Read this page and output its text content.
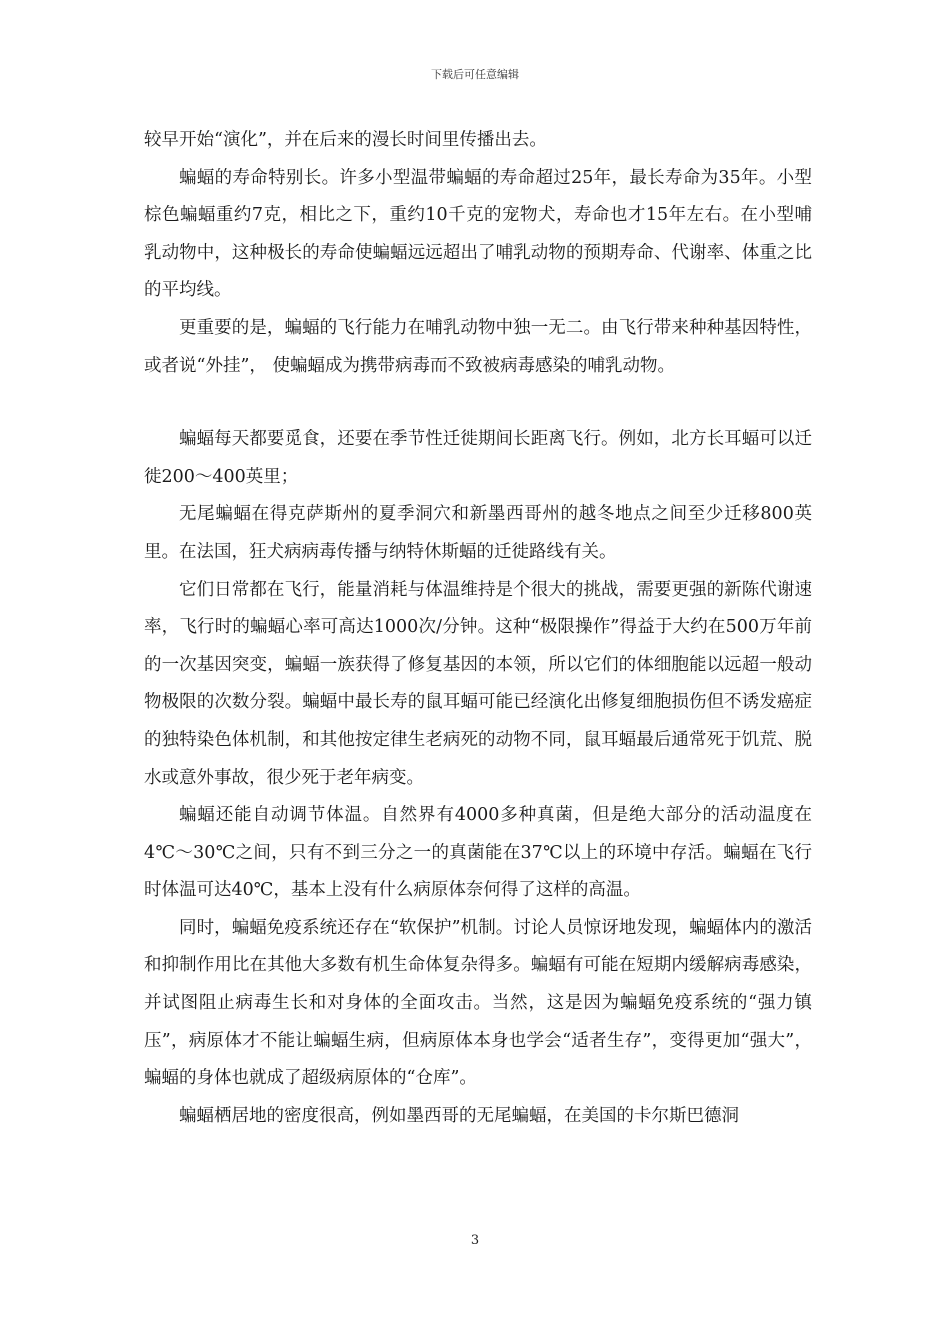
下载后可任意编辑

较早开始“演化”，并在后来的漫长时间里传播出去。

蝙蝠的寿命特别长。许多小型温带蝙蝠的寿命超过25年，最长寿命为35年。小型棕色蝙蝠重约7克，相比之下，重约10千克的宠物犬，寿命也才15年左右。在小型哺乳动物中，这种极长的寿命使蝙蝠远远超出了哺乳动物的预期寿命、代谢率、体重之比的平均线。

更重要的是，蝙蝠的飞行能力在哺乳动物中独一无二。由飞行带来种种基因特性，或者说“外挂”， 使蝙蝠成为携带病毒而不致被病毒感染的哺乳动物。

蝙蝠每天都要觅食，还要在季节性迁徙期间长距离飞行。例如，北方长耳蝠可以迁徙200～400英里；

无尾蝙蝠在得克萨斯州的夏季洞穴和新墨西哥州的越冬地点之间至少迁移800英里。在法国，狂犬病病毒传播与纳特休斯蝠的迁徙路线有关。

它们日常都在飞行，能量消耗与体温维持是个很大的挑战，需要更强的新陈代谢速率，飞行时的蝙蝠心率可高达1000次/分钟。这种“极限操作”得益于大约在500万年前的一次基因突变，蝙蝠一族获得了修复基因的本领，所以它们的体细胞能以远超一般动物极限的次数分裂。蝙蝠中最长寿的鼠耳蝠可能已经演化出修复细胞损伤但不诱发癌症的独特染色体机制，和其他按定律生老病死的动物不同，鼠耳蝠最后通常死于饥荒、脱水或意外事故，很少死于老年病变。

蝙蝠还能自动调节体温。自然界有4000多种真菌，但是绝大部分的活动温度在4℃～30℃之间，只有不到三分之一的真菌能在37℃以上的环境中存活。蝙蝠在飞行时体温可达40℃，基本上没有什么病原体奈何得了这样的高温。

同时，蝙蝠免疫系统还存在“软保护”机制。讨论人员惊讶地发现，蝙蝠体内的激活和抑制作用比在其他大多数有机生命体复杂得多。蝙蝠有可能在短期内缓解病毒感染，并试图阻止病毒生长和对身体的全面攻击。当然，这是因为蝙蝠免疫系统的“强力镇压”，病原体才不能让蝙蝠生病，但病原体本身也学会“适者生存”，变得更加“强大”，蝙蝠的身体也就成了超级病原体的“仓库”。

蝙蝠栖居地的密度很高，例如墨西哥的无尾蝙蝠，在美国的卡尔斯巴德洞

3
